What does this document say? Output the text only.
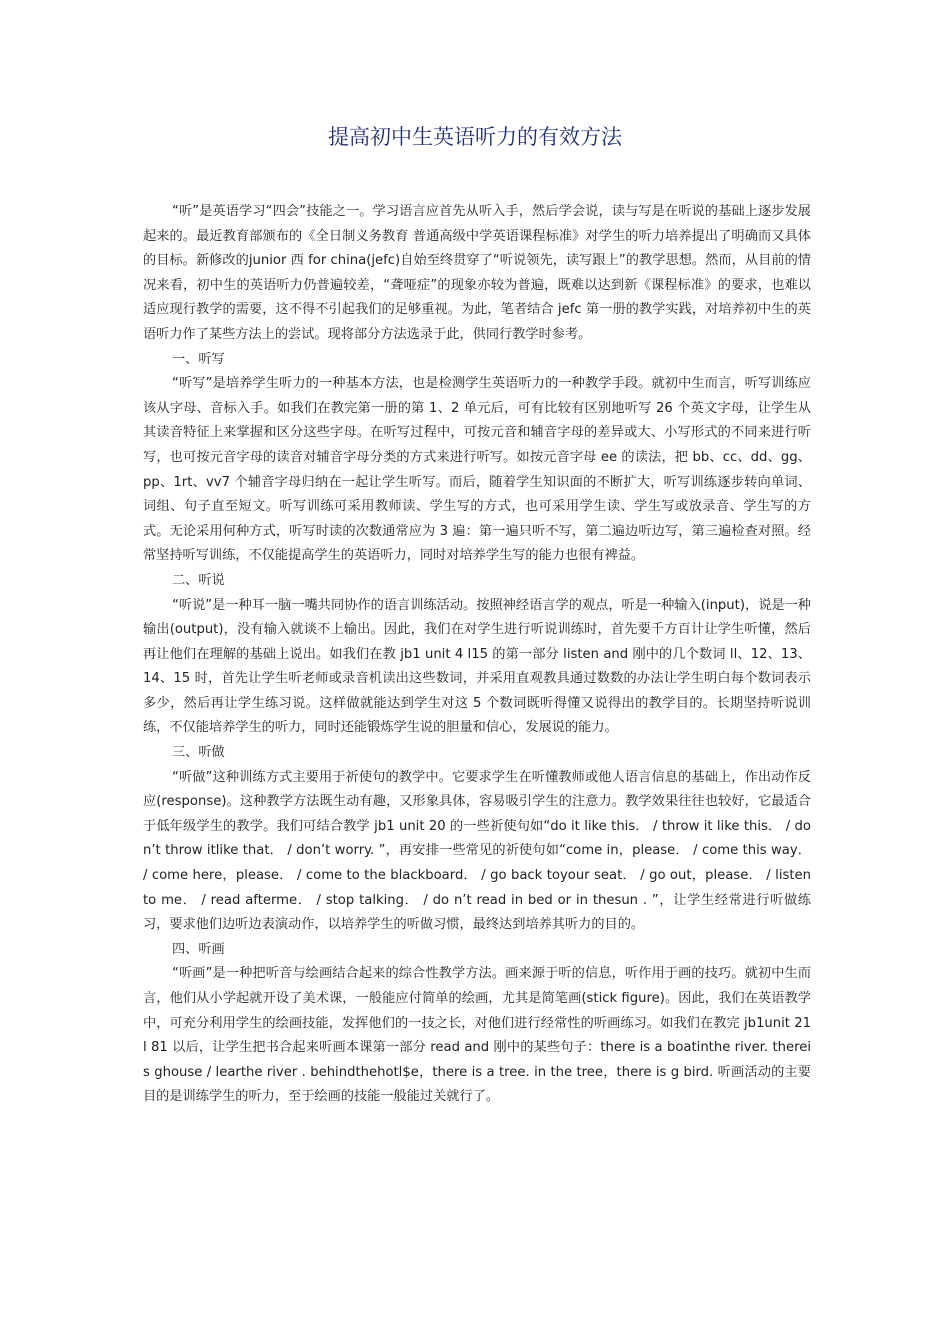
提高初中生英语听力的有效方法

“听”是英语学习“四会”技能之一。学习语言应首先从听入手，然后学会说，读与写是在听说的基础上逐步发展起来的。最近教育部颁布的《全日制义务教育 普通高级中学英语课程标准》对学生的听力培养提出了明确而又具体的目标。新修改的junior 西 for china(jefc)自始至终贯穿了“听说领先，读写跟上”的教学思想。然而，从目前的情况来看，初中生的英语听力仍普遍较差，“聋哑症”的现象亦较为普遍，既难以达到新《课程标准》的要求，也难以适应现行教学的需要，这不得不引起我们的足够重视。为此，笔者结合 jefc 第一册的教学实践，对培养初中生的英语听力作了某些方法上的尝试。现将部分方法选录于此，供同行教学时参考。

一、听写

“听写”是培养学生听力的一种基本方法，也是检测学生英语听力的一种教学手段。就初中生而言，听写训练应该从字母、音标入手。如我们在教完第一册的第 1、2 单元后，可有比较有区别地听写 26 个英文字母，让学生从其读音特征上来掌握和区分这些字母。在听写过程中，可按元音和辅音字母的差异或大、小写形式的不同来进行听写，也可按元音字母的读音对辅音字母分类的方式来进行听写。如按元音字母 ee 的读法，把 bb、cc、dd、gg、pp、1rt、vv7 个辅音字母归纳在一起让学生听写。而后，随着学生知识面的不断扩大，听写训练逐步转向单词、词组、句子直至短文。听写训练可采用教师读、学生写的方式，也可采用学生读、学生写或放录音、学生写的方式。无论采用何种方式，听写时读的次数通常应为 3 遍：第一遍只听不写，第二遍边听边写，第三遍检查对照。经常坚持听写训练，不仅能提高学生的英语听力，同时对培养学生写的能力也很有裨益。

二、听说

“听说”是一种耳一脑一嘴共同协作的语言训练活动。按照神经语言学的观点，听是一种输入(input)，说是一种输出(output)，没有输入就谈不上输出。因此，我们在对学生进行听说训练时，首先要千方百计让学生听懂，然后再让他们在理解的基础上说出。如我们在教 jb1 unit 4 l15 的第一部分 listen and 刚中的几个数词 ll、12、13、14、15 时，首先让学生听老师或录音机读出这些数词，并采用直观教具通过数数的办法让学生明白每个数词表示多少，然后再让学生练习说。这样做就能达到学生对这 5 个数词既听得懂又说得出的教学目的。长期坚持听说训练，不仅能培养学生的听力，同时还能锻炼学生说的胆量和信心，发展说的能力。

三、听做

“听做”这种训练方式主要用于祈使句的教学中。它要求学生在听懂教师或他人语言信息的基础上，作出动作反应(response)。这种教学方法既生动有趣，又形象具体，容易吸引学生的注意力。教学效果往往也较好，它最适合于低年级学生的教学。我们可结合教学 jb1 unit 20 的一些祈使句如“do it like this． / throw it like this． / don’t throw itlike that． / don’t worry. ”，再安排一些常见的祈使句如“come in，please． / come this way． / come here，please． / come to the blackboard． / go back toyour seat． / go out，please． / listen to me． / read afterme． / stop talking． / do n’t read in bed or in thesun . ”，让学生经常进行听做练习，要求他们边听边表演动作，以培养学生的听做习惯，最终达到培养其听力的目的。

四、听画

“听画”是一种把听音与绘画结合起来的综合性教学方法。画来源于听的信息，听作用于画的技巧。就初中生而言，他们从小学起就开设了美术课，一般能应付简单的绘画，尤其是简笔画(stick figure)。因此，我们在英语教学中，可充分利用学生的绘画技能，发挥他们的一技之长，对他们进行经常性的听画练习。如我们在教完 jb1unit 21 l 81 以后，让学生把书合起来听画本课第一部分 read and 刚中的某些句子：there is a boatinthe river. thereis ghouse / learthe river . behindthehotl$e，there is a tree. in the tree，there is g bird. 听画活动的主要目的是训练学生的听力，至于绘画的技能一般能过关就行了。
